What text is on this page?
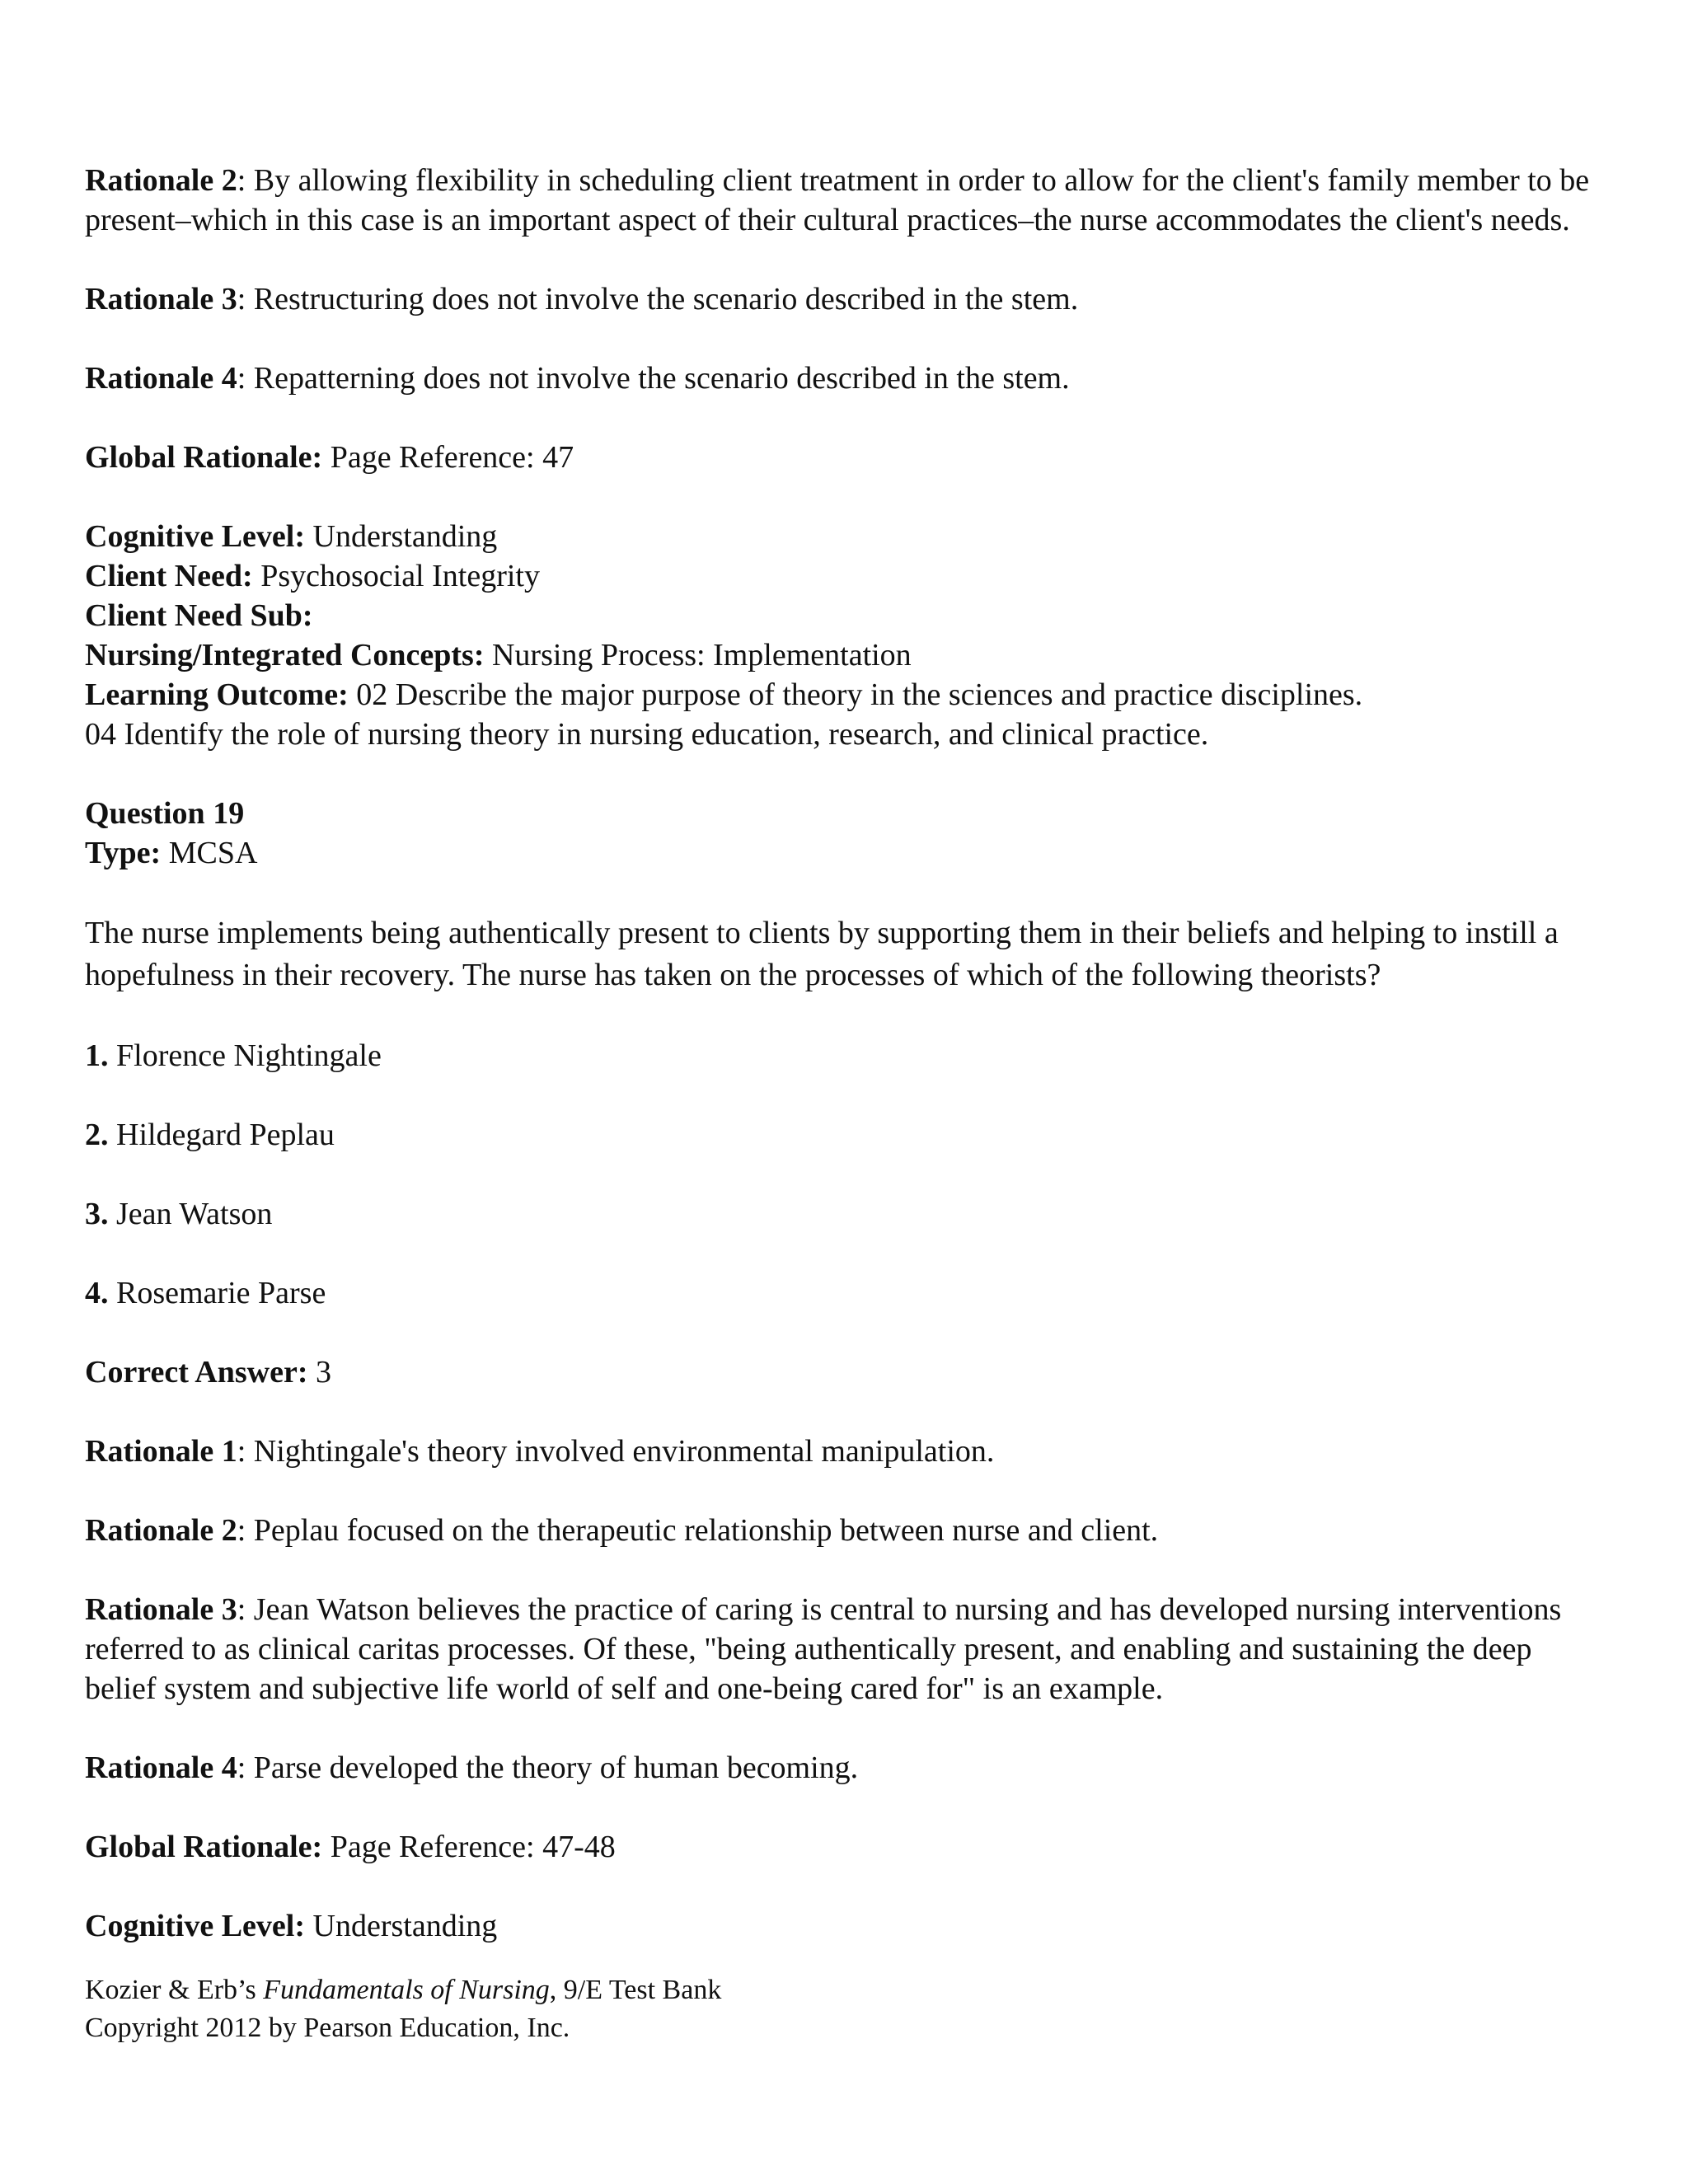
Rationale 2: By allowing flexibility in scheduling client treatment in order to allow for the client's family member to be present–which in this case is an important aspect of their cultural practices–the nurse accommodates the client's needs.

Rationale 3: Restructuring does not involve the scenario described in the stem.

Rationale 4: Repatterning does not involve the scenario described in the stem.

Global Rationale: Page Reference: 47

Cognitive Level: Understanding

Client Need: Psychosocial Integrity

Client Need Sub:

Nursing/Integrated Concepts: Nursing Process: Implementation

Learning Outcome: 02 Describe the major purpose of theory in the sciences and practice disciplines.

04 Identify the role of nursing theory in nursing education, research, and clinical practice.

Question 19

Type: MCSA

The nurse implements being authentically present to clients by supporting them in their beliefs and helping to instill a hopefulness in their recovery. The nurse has taken on the processes of which of the following theorists?

1. Florence Nightingale

2. Hildegard Peplau

3. Jean Watson

4. Rosemarie Parse

Correct Answer: 3

Rationale 1: Nightingale's theory involved environmental manipulation.

Rationale 2: Peplau focused on the therapeutic relationship between nurse and client.

Rationale 3: Jean Watson believes the practice of caring is central to nursing and has developed nursing interventions referred to as clinical caritas processes. Of these, "being authentically present, and enabling and sustaining the deep belief system and subjective life world of self and one-being cared for" is an example.

Rationale 4: Parse developed the theory of human becoming.

Global Rationale: Page Reference: 47-48

Cognitive Level: Understanding

Kozier & Erb’s Fundamentals of Nursing, 9/E Test Bank

Copyright 2012 by Pearson Education, Inc.
